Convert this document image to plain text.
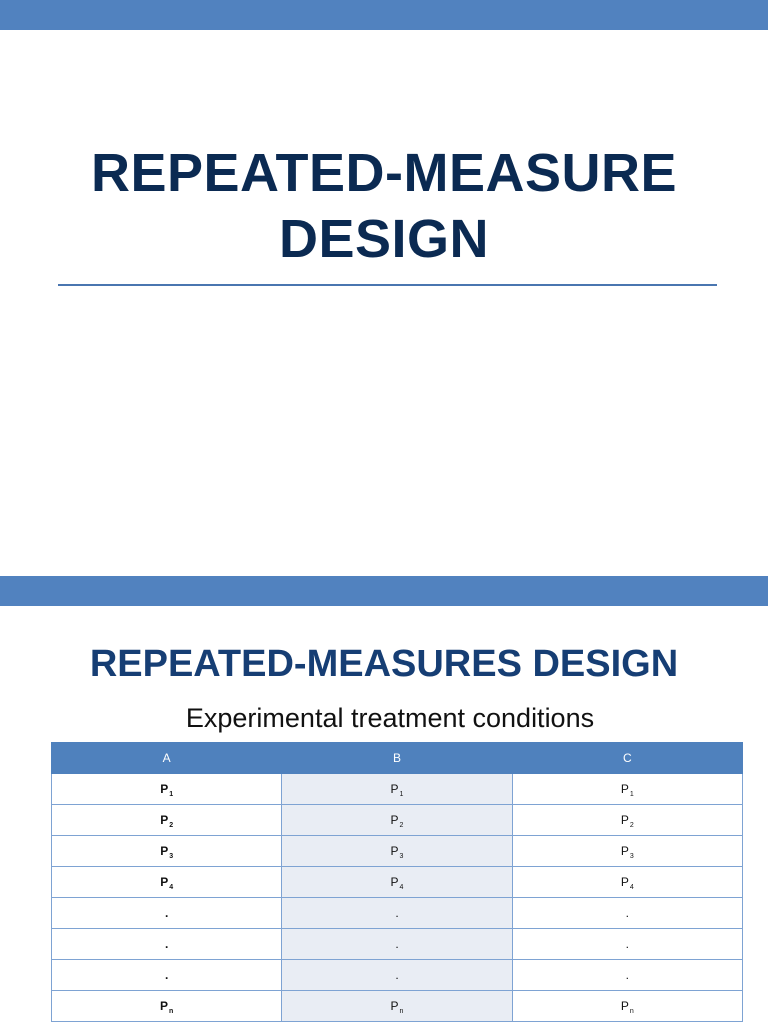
REPEATED-MEASURE
DESIGN
REPEATED-MEASURES DESIGN
Experimental treatment conditions
A	B	C
$P_1$	$P_1$	$P_1$
$P_2$	$P_2$	$P_2$
$P_3$	$P_3$	$P_3$
$P_4$	$P_4$	$P_4$
.	.	.
.	.	.
.	.	.
$P_n$	$P_n$	$P_n$
